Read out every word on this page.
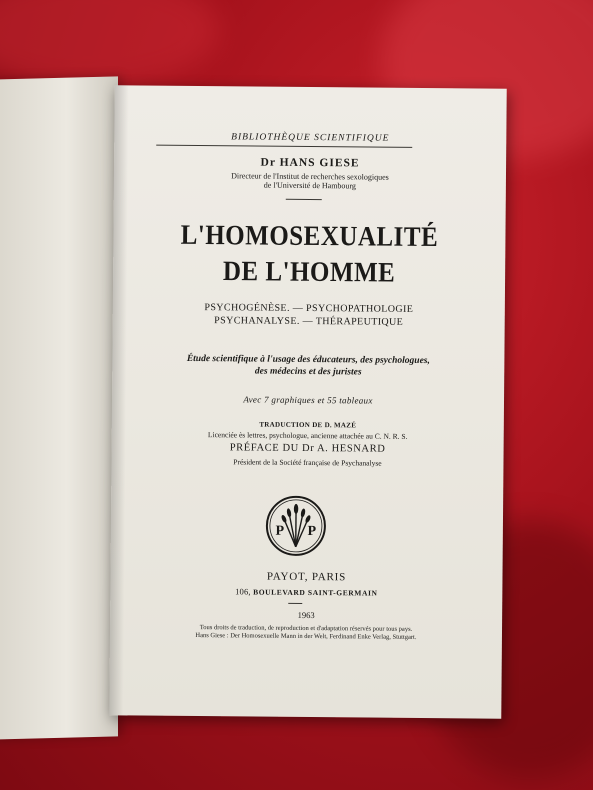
BIBLIOTHÈQUE SCIENTIFIQUE
Dr HANS GIESE
Directeur de l'Institut de recherches sexologiques
de l'Université de Hambourg
L'HOMOSEXUALITÉ
DE L'HOMME
PSYCHOGÉNÈSE. — PSYCHOPATHOLOGIE
PSYCHANALYSE. — THÉRAPEUTIQUE
Étude scientifique à l'usage des éducateurs, des psychologues,
des médecins et des juristes
Avec 7 graphiques et 55 tableaux
TRADUCTION DE D. MAZÉ
Licenciée ès lettres, psychologue, ancienne attachée au C. N. R. S.
PRÉFACE DU Dr A. HESNARD
Président de la Société française de Psychanalyse
P P
PAYOT, PARIS
106, BOULEVARD SAINT-GERMAIN
1963
Tous droits de traduction, de reproduction et d'adaptation réservés pour tous pays.
Hans Giese : Der Homosexuelle Mann in der Welt, Ferdinand Enke Verlag, Stuttgart.
